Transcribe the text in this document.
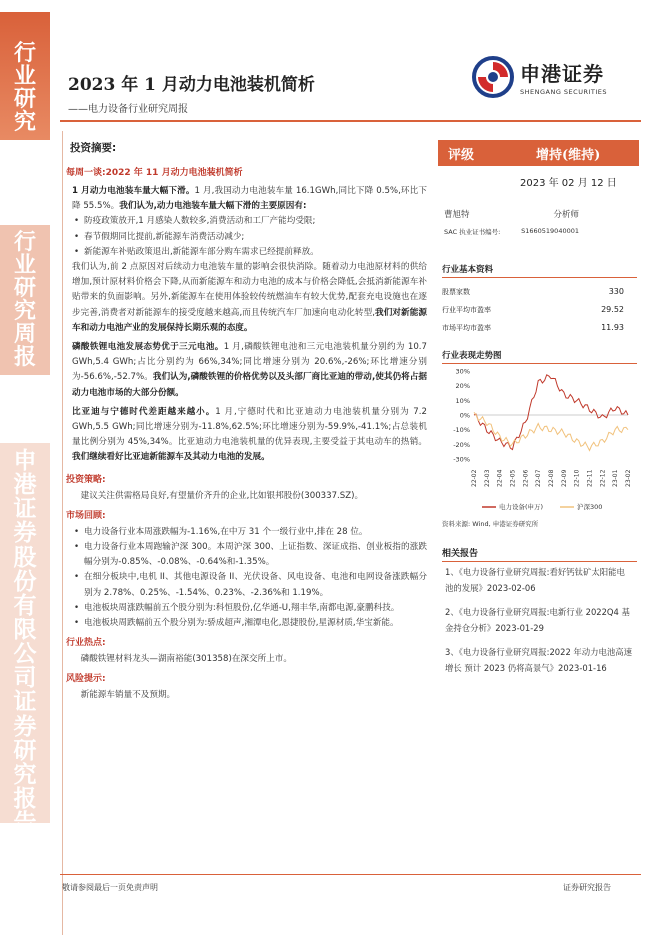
行
业
研
究
行
业
研
究
周
报
申
港
证
券
股
份
有
限
公
司
证
券
研
究
报
告
2023 年 1 月动力电池装机简析
——电力设备行业研究周报
申港证券
SHENGANG SECURITIES
投资摘要:
每周一谈:2022 年 11 月动力电池装机简析

1 月动力电池装车量大幅下滑。1 月,我国动力电池装车量 16.1GWh,同比下降 0.5%,环比下降 55.5%。我们认为,动力电池装车量大幅下滑的主要原因有:

• 防疫政策放开,1 月感染人数较多,消费活动和工厂产能均受限;
• 春节假期同比提前,新能源车消费活动减少;
• 新能源车补贴政策退出,新能源车部分购车需求已经提前释放。

我们认为,前 2 点原因对后续动力电池装车量的影响会很快消除。随着动力电池原材料的供给增加,预计原材料价格会下降,从而新能源车和动力电池的成本与价格会降低,会抵消新能源车补贴带来的负面影响。另外,新能源车在使用体验较传统燃油车有较大优势,配套充电设施也在逐步完善,消费者对新能源车的接受度越来越高,而且传统汽车厂加速向电动化转型,我们对新能源车和动力电池产业的发展保持长期乐观的态度。

磷酸铁锂电池发展态势优于三元电池。1 月,磷酸铁锂电池和三元电池装机量分别约为 10.7 GWh,5.4 GWh;占比分别约为 66%,34%;同比增速分别为 20.6%,-26%;环比增速分别为-56.6%,-52.7%。我们认为,磷酸铁锂的价格优势以及头部厂商比亚迪的带动,使其仍将占据动力电池市场的大部分份额。

比亚迪与宁德时代差距越来越小。1 月,宁德时代和比亚迪动力电池装机量分别为 7.2 GWh,5.5 GWh;同比增速分别为-11.8%,62.5%;环比增速分别为-59.9%,-41.1%;占总装机量比例分别为 45%,34%。比亚迪动力电池装机量的优异表现,主要受益于其电动车的热销。我们继续看好比亚迪新能源车及其动力电池的发展。

投资策略:

建议关注供需格局良好,有望量价齐升的企业,比如银邦股份(300337.SZ)。

市场回顾:
• 电力设备行业本周涨跌幅为-1.16%,在中万 31 个一级行业中,排在 28 位。
• 电力设备行业本周跑输沪深 300。本周沪深 300、上证指数、深证成指、创业板指的涨跌幅分别为-0.85%、-0.08%、-0.64%和-1.35%。
• 在细分板块中,电机 II、其他电源设备 II、光伏设备、风电设备、电池和电网设备涨跌幅分别为 2.78%、0.25%、-1.54%、0.23%、-2.36%和 1.19%。
• 电池板块周涨跌幅前五个股分别为:科恒股份,亿华通-U,翔丰华,南都电源,豪鹏科技。
• 电池板块周跌幅前五个股分别为:骄成超声,湘潭电化,恩捷股份,星源材质,华宝新能。
行业热点:

磷酸铁锂材料龙头—湖南裕能(301358)在深交所上市。

风险提示:

新能源车销量不及预期。

评级	增持(维持)
2023 年 02 月 12 日
曹旭特	分析师
SAC 执业证书编号:	S1660519040001
行业基本资料
股票家数	330
行业平均市盈率	29.52
市场平均市盈率	11.93
行业表现走势图
30%
20%
10%
0%
-10%
-20%
-30%
22-02 22-03 22-04 22-05 22-06 22-07 22-08 22-09 22-10 22-11 22-12 23-01 23-02
电力设备(申万)	沪深300
资料来源: Wind, 申港证券研究所
相关报告
1、《电力设备行业研究周报:看好钙钛矿太阳能电池的发展》2023-02-06
2、《电力设备行业研究周报:电新行业 2022Q4 基金持仓分析》2023-01-29
3、《电力设备行业研究周报:2022 年动力电池高速增长 预计 2023 仍将高景气》2023-01-16
敬请参阅最后一页免责声明	证券研究报告
